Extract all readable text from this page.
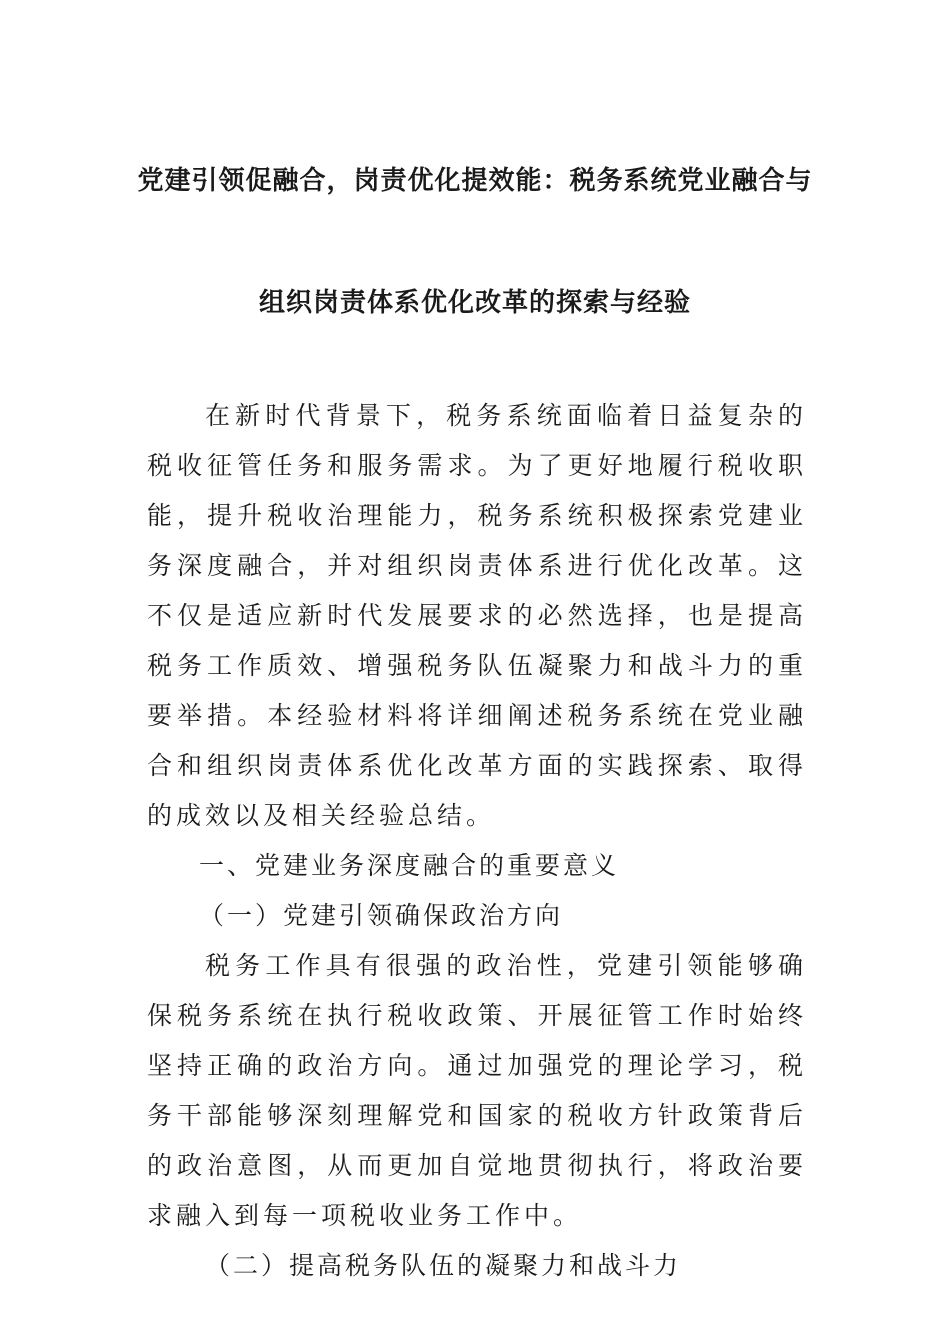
党建引领促融合，岗责优化提效能：税务系统党业融合与
组织岗责体系优化改革的探索与经验

在新时代背景下，税务系统面临着日益复杂的税收征管任务和服务需求。为了更好地履行税收职能，提升税收治理能力，税务系统积极探索党建业务深度融合，并对组织岗责体系进行优化改革。这不仅是适应新时代发展要求的必然选择，也是提高税务工作质效、增强税务队伍凝聚力和战斗力的重要举措。本经验材料将详细阐述税务系统在党业融合和组织岗责体系优化改革方面的实践探索、取得的成效以及相关经验总结。

一、党建业务深度融合的重要意义

（一）党建引领确保政治方向

税务工作具有很强的政治性，党建引领能够确保税务系统在执行税收政策、开展征管工作时始终坚持正确的政治方向。通过加强党的理论学习，税务干部能够深刻理解党和国家的税收方针政策背后的政治意图，从而更加自觉地贯彻执行，将政治要求融入到每一项税收业务工作中。

（二）提高税务队伍的凝聚力和战斗力
